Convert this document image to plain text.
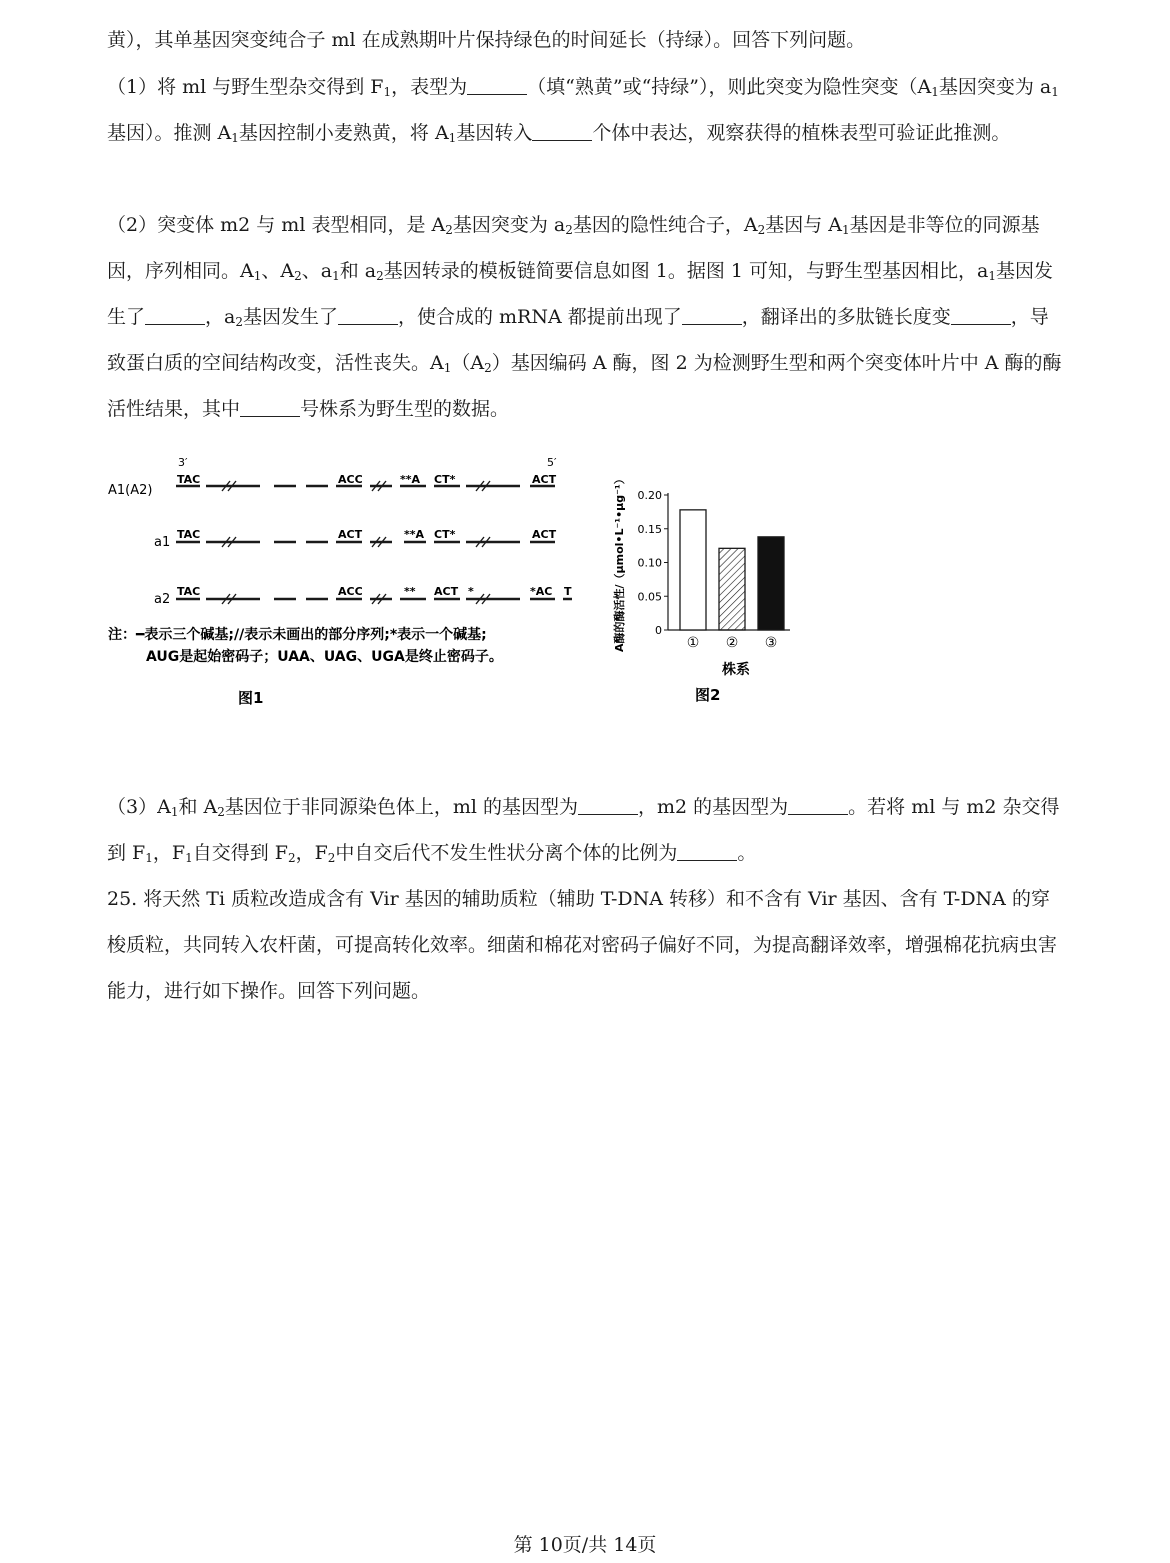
黄），其单基因突变纯合子 ml 在成熟期叶片保持绿色的时间延长（持绿）。回答下列问题。

（1）将 ml 与野生型杂交得到 $F_1$，表型为	（填“熟黄”或“持绿”），则此突变为隐性突变（$A_1$基因突变为 $a_1$基因）。推测 $A_1$基因控制小麦熟黄，将 $A_1$基因转入	个体中表达，观察获得的植株表型可验证此推测。

（2）突变体 m2 与 ml 表型相同，是 $A_2$基因突变为 $a_2$基因的隐性纯合子，$A_2$基因与 $A_1$基因是非等位的同源基因，序列相同。$A_1$、$A_2$、$a_1$和 $a_2$基因转录的模板链简要信息如图 1。据图 1 可知，与野生型基因相比，$a_1$基因发生了	，$a_2$基因发生了	，使合成的 mRNA 都提前出现了	，翻译出的多肽链长度变	，导致蛋白质的空间结构改变，活性丧失。$A_1(A_2)$基因编码 A 酶，图 2 为检测野生型和两个突变体叶片中 A 酶的酶活性结果，其中	号株系为野生型的数据。

3′	5′
A1(A2)
TAC	ACC	**A CT*	ACT
a1
TAC	ACT	**A CT*	ACT
a2
TAC	ACC	** ACT *	*AC T
注：━表示三个碱基;//表示未画出的部分序列;*表示一个碱基;
AUG是起始密码子；UAA、UAG、UGA是终止密码子。
图1
A酶的酶活性/（μmol•L⁻¹•μg⁻¹）	0
0.05
0.10
0.15
0.20
① ② ③
株系
图2

$(3)A_1$和 $A_2$基因位于非同源染色体上，ml 的基因型为	，m2 的基因型为	。若将 ml 与 m2 杂交得到 $F_1$，$F_1$自交得到 $F_2$，$F_2$中自交后代不发生性状分离个体的比例为	。

25. 将天然 Ti 质粒改造成含有 Vir 基因的辅助质粒（辅助 T-DNA 转移）和不含有 Vir 基因、含有 T-DNA 的穿梭质粒，共同转入农杆菌，可提高转化效率。细菌和棉花对密码子偏好不同，为提高翻译效率，增强棉花抗病虫害能力，进行如下操作。回答下列问题。

第 10页/共 14页
